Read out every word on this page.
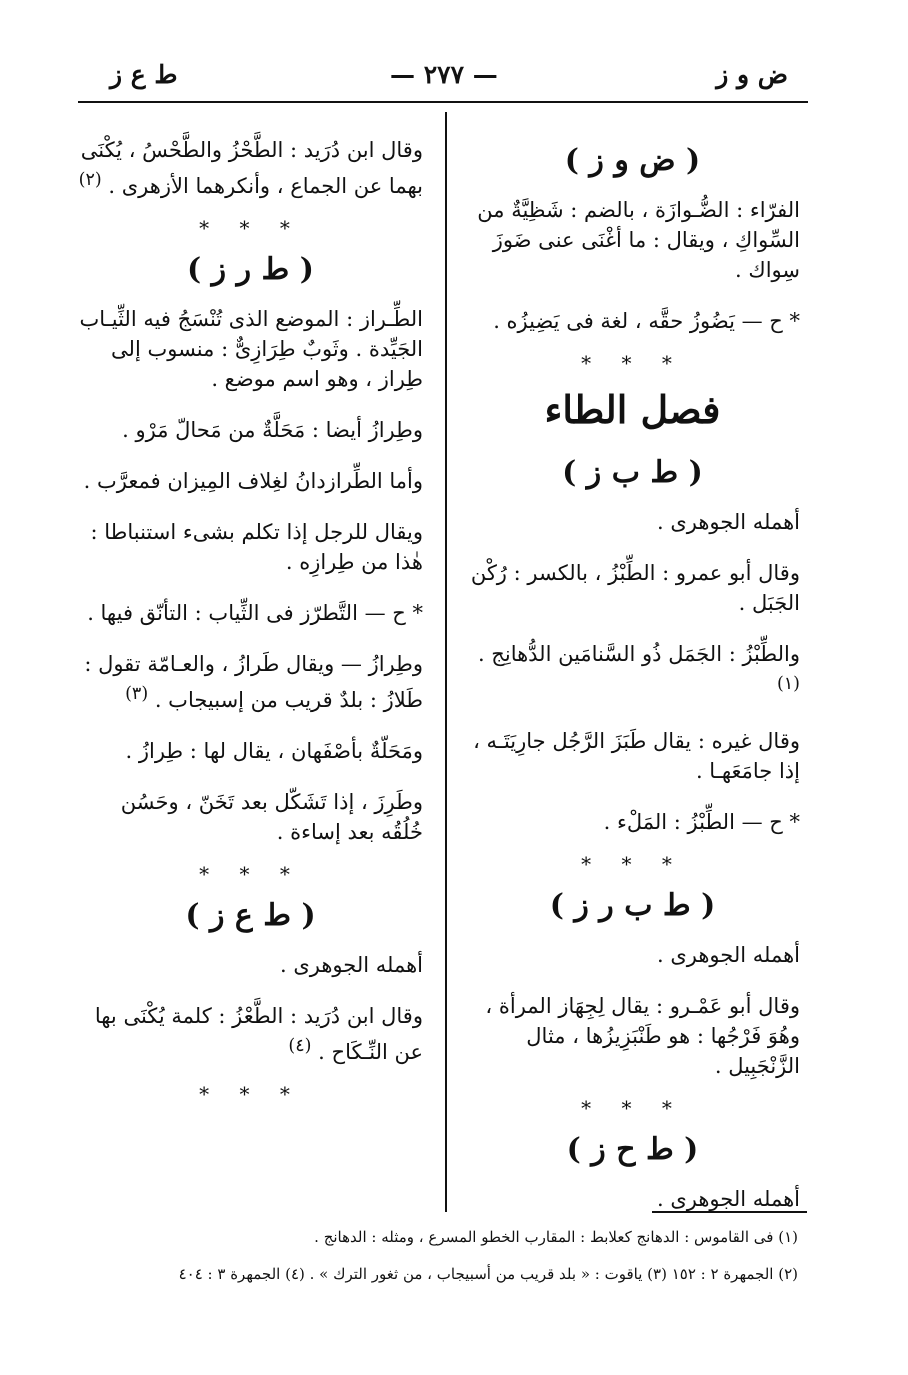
ض و ز
— ٢٧٧ —
ط ع ز
( ض و ز )

الفرّاء : الضُّـوازَة ، بالضم : شَظِيَّةٌ من السِّواكِ ، ويقال : ما أغْنَى عنى ضَوزَ سِواك .

* ح — يَضُوزُ حقَّه ، لغة فى يَضِيزُه .

* * *
فصل الطاء
( ط ب ز )

أهمله الجوهرى .

وقال أبو عمرو : الطِّبْزُ ، بالكسر : رُكْن الجَبَل .

والطِّبْزُ : الجَمَل ذُو السَّنامَين الدُّهانِج . $^{(١)}$

وقال غيره : يقال طَبَزَ الرَّجُل جارِيَتَـه ، إذا جامَعَهـا .

* ح — الطِّبْزُ : المَلْء .

* * *
( ط ب ر ز )

أهمله الجوهرى .

وقال أبو عَمْـرو : يقال لِجِهَاز المرأة ، وهُوَ فَرْجُها : هو طَنْبَزِيزُها ، مثال الزَّنْجَبِيل .

* * *
( ط ح ز )

أهمله الجوهرى .

وقال ابن دُرَيد : الطَّحْزُ والطَّحْسُ ، يُكْنَى بهما عن الجماع ، وأنكرهما الأزهرى . $^{(٢)}$

* * *
( ط ر ز )

الطِّـراز : الموضع الذى تُنْسَجُ فيه الثِّيـاب الجَيِّدة . وثَوبٌ طِرَازِىٌّ : منسوب إلى طِراز ، وهو اسم موضع .

وطِرازُ أيضا : مَحَلَّةٌ من مَحالّ مَرْو .

وأما الطِّرازدانُ لغِلاف المِيزان فمعرَّب .

ويقال للرجل إذا تكلم بشىء استنباطا : هٰذا من طِرازِه .

* ح — التَّطرّز فى الثِّياب : التأنّق فيها .

وطِرازُ — ويقال طَرازُ ، والعـامّة تقول : طَلازُ : بلدٌ قريب من إسبيجاب . $^{(٣)}$

ومَحَلّةٌ بأصْفَهان ، يقال لها : طِرازُ .

وطَرِزَ ، إذا تَشَكّل بعد تَخَنّ ، وحَسُن خُلُقُه بعد إساءة .

* * *
( ط ع ز )

أهمله الجوهرى .

وقال ابن دُرَيد : الطَّعْزُ : كلمة يُكْنَى بها عن النِّـكَاح . $^{(٤)}$

* * *
(١) فى القاموس : الدهانج كعلابط : المقارب الخطو المسرع ، ومثله : الدهانج .
(٢) الجمهرة ٢ : ١٥٢ (٣) ياقوت : « بلد قريب من أسبيجاب ، من ثغور الترك » . (٤) الجمهرة ٣ : ٤٠٤
